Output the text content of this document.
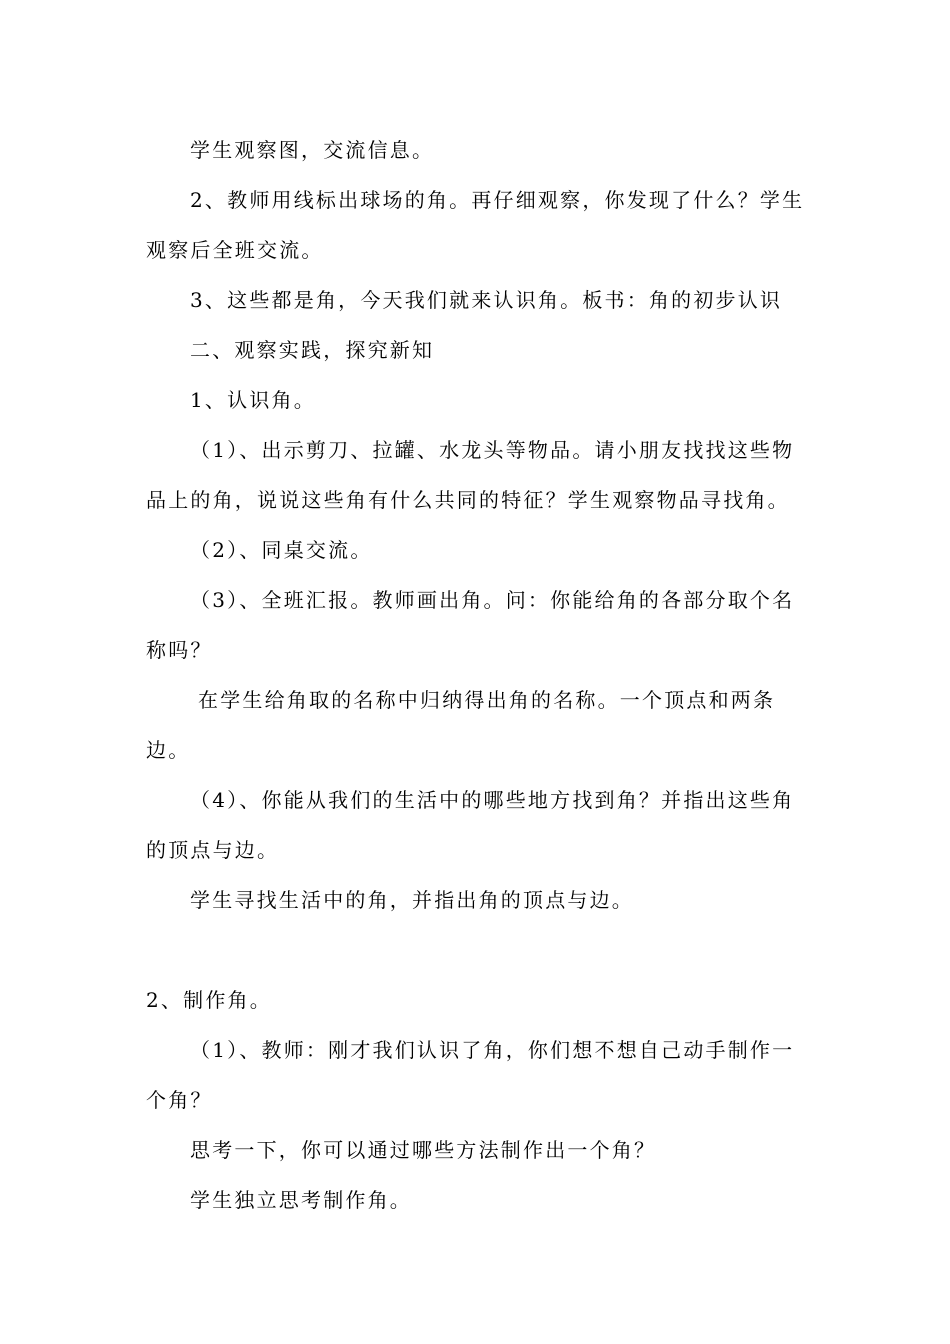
学生观察图，交流信息。
2、教师用线标出球场的角。再仔细观察，你发现了什么？学生
观察后全班交流。
3、这些都是角，今天我们就来认识角。板书：角的初步认识
二、观察实践，探究新知
1、认识角。
（1）、出示剪刀、拉罐、水龙头等物品。请小朋友找找这些物
品上的角，说说这些角有什么共同的特征？学生观察物品寻找角。
（2）、同桌交流。
（3）、全班汇报。教师画出角。问：你能给角的各部分取个名
称吗？
在学生给角取的名称中归纳得出角的名称。一个顶点和两条
边。
（4）、你能从我们的生活中的哪些地方找到角？并指出这些角
的顶点与边。
学生寻找生活中的角，并指出角的顶点与边。
2、制作角。
（1）、教师：刚才我们认识了角，你们想不想自己动手制作一
个角？
思考一下，你可以通过哪些方法制作出一个角？
学生独立思考制作角。
